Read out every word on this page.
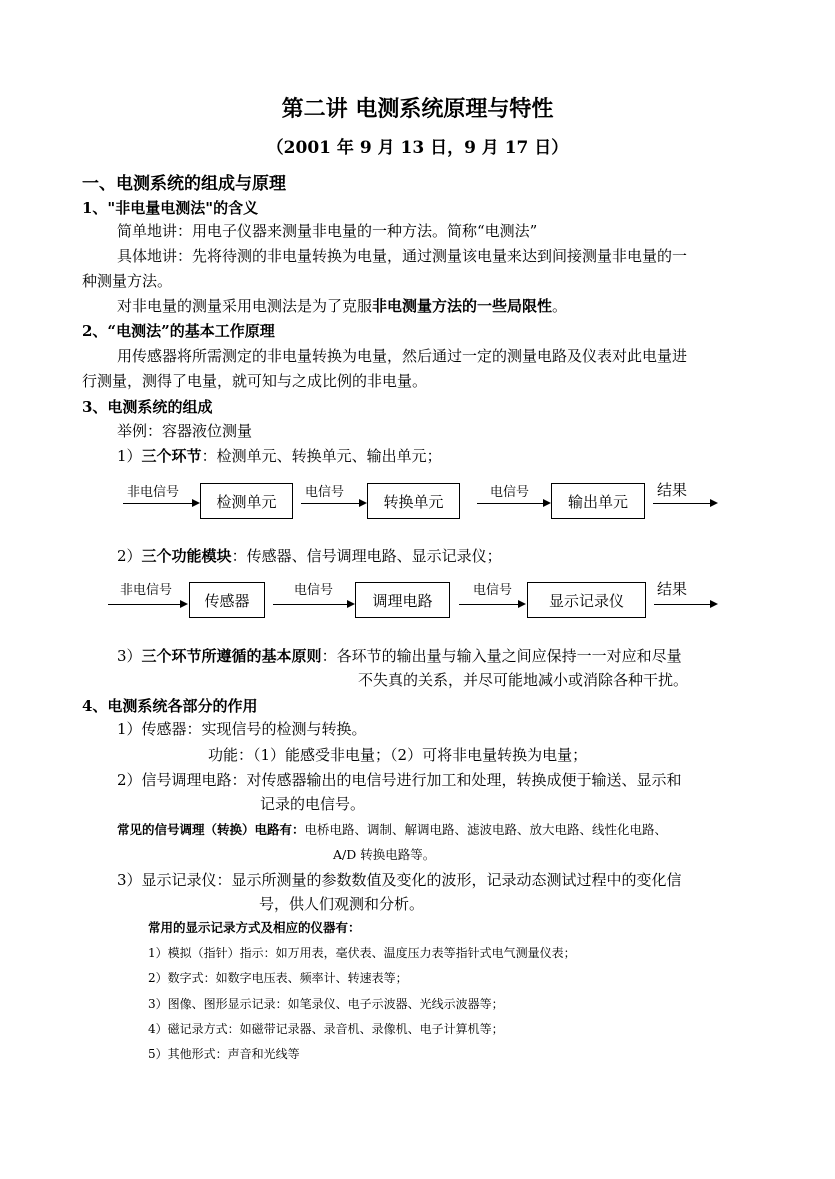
第二讲 电测系统原理与特性
（2001 年 9 月 13 日，9 月 17 日）
一、电测系统的组成与原理
1、"非电量电测法"的含义
简单地讲：用电子仪器来测量非电量的一种方法。简称“电测法”
具体地讲：先将待测的非电量转换为电量，通过测量该电量来达到间接测量非电量的一
种测量方法。
对非电量的测量采用电测法是为了克服非电测量方法的一些局限性。
2、“电测法”的基本工作原理
用传感器将所需测定的非电量转换为电量，然后通过一定的测量电路及仪表对此电量进
行测量，测得了电量，就可知与之成比例的非电量。
3、电测系统的组成
举例：容器液位测量
1）三个环节：检测单元、转换单元、输出单元；
非电信号	检测单元	电信号	转换单元	电信号	输出单元
结果
2）三个功能模块：传感器、信号调理电路、显示记录仪；
非电信号
传感器
电信号
调理电路
电信号
显示记录仪
结果
3）三个环节所遵循的基本原则：各环节的输出量与输入量之间应保持一一对应和尽量
不失真的关系，并尽可能地减小或消除各种干扰。
4、电测系统各部分的作用
1）传感器：实现信号的检测与转换。
功能：（1）能感受非电量；（2）可将非电量转换为电量；
2）信号调理电路：对传感器输出的电信号进行加工和处理，转换成便于输送、显示和
记录的电信号。
常见的信号调理（转换）电路有：电桥电路、调制、解调电路、滤波电路、放大电路、线性化电路、
A/D 转换电路等。
3）显示记录仪：显示所测量的参数数值及变化的波形，记录动态测试过程中的变化信
号，供人们观测和分析。
常用的显示记录方式及相应的仪器有：
1）模拟（指针）指示：如万用表，毫伏表、温度压力表等指针式电气测量仪表；
2）数字式：如数字电压表、频率计、转速表等；
3）图像、图形显示记录：如笔录仪、电子示波器、光线示波器等；
4）磁记录方式：如磁带记录器、录音机、录像机、电子计算机等；
5）其他形式：声音和光线等
